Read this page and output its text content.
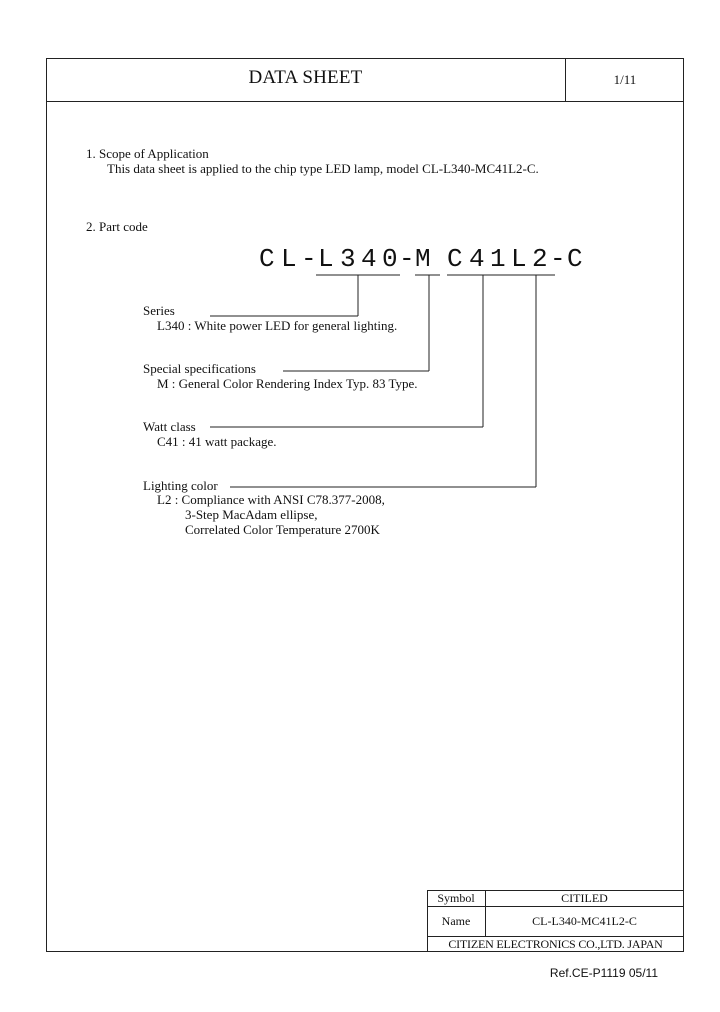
DATA SHEET	1/11
1. Scope of Application
This data sheet is applied to the chip type LED lamp, model CL-L340-MC41L2-C.
2. Part code
C L - L 3 4 0 - M C 4 1 L 2 - C
Series
L340 : White power LED for general lighting.
Special specifications
M : General Color Rendering Index Typ. 83 Type.
Watt class
C41 : 41 watt package.
Lighting color
L2 : Compliance with ANSI C78.377-2008,
3-Step MacAdam ellipse,
Correlated Color Temperature 2700K
Symbol	CITILED
Name	CL-L340-MC41L2-C
CITIZEN ELECTRONICS CO.,LTD. JAPAN
Ref.CE-P1119 05/11
